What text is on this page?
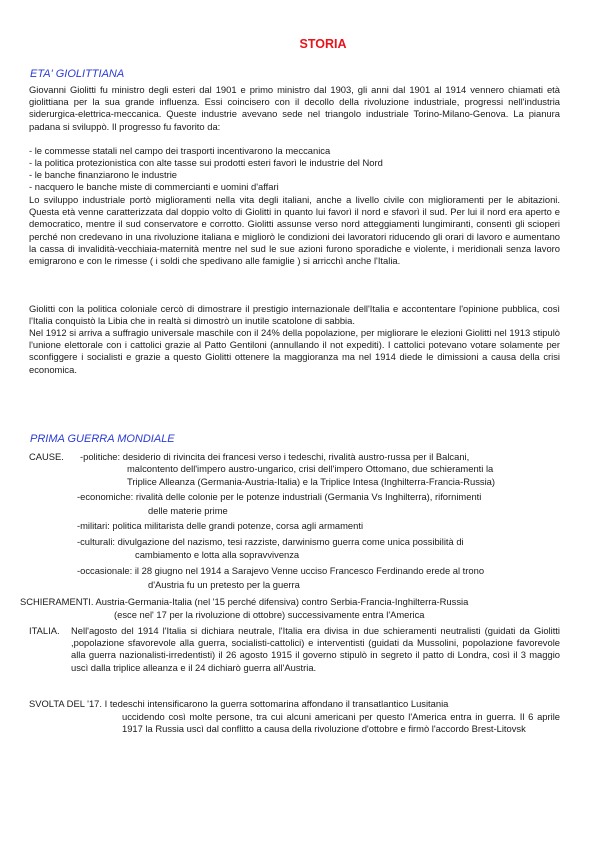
STORIA
ETA' GIOLITTIANA

Giovanni Giolitti fu ministro degli esteri dal 1901 e primo ministro dal 1903, gli anni dal 1901 al 1914 vennero chiamati età giolittiana per la sua grande influenza. Essi coincisero con il decollo della rivoluzione industriale, progressi nell'industria siderurgica-elettrica-meccanica. Queste industrie avevano sede nel triangolo industriale Torino-Milano-Genova. La pianura padana si sviluppò. Il progresso fu favorito da:

- le commesse statali nel campo dei trasporti incentivarono la meccanica
- la politica protezionistica con alte tasse sui prodotti esteri favorì le industrie del Nord
- le banche finanziarono le industrie
- nacquero le banche miste di commercianti e uomini d'affari

Lo sviluppo industriale portò miglioramenti nella vita degli italiani, anche a livello civile con miglioramenti per le abitazioni. Questa età venne caratterizzata dal doppio volto di Giolitti in quanto lui favorì il nord e sfavorì il sud. Per lui il nord era aperto e democratico, mentre il sud conservatore e corrotto. Giolitti assunse verso nord atteggiamenti lungimiranti, consentì gli scioperi perché non credevano in una rivoluzione italiana e migliorò le condizioni dei lavoratori riducendo gli orari di lavoro e aumentano la cassa di invalidità-vecchiaia-maternità mentre nel sud le sue azioni furono sporadiche e violente, i meridionali senza lavoro emigrarono e con le rimesse ( i soldi che spedivano alle famiglie ) si arricchì anche l'Italia.

Giolitti con la politica coloniale cercò di dimostrare il prestigio internazionale dell'Italia e accontentare l'opinione pubblica, così l'Italia conquistò la Libia che in realtà si dimostrò un inutile scatolone di sabbia.

Nel 1912 si arriva a suffragio universale maschile con il 24% della popolazione, per migliorare le elezioni Giolitti nel 1913 stipulò l'unione elettorale con i cattolici grazie al Patto Gentiloni (annullando il not expediti). I cattolici potevano votare solamente per sconfiggere i socialisti e grazie a questo Giolitti ottenere la maggioranza ma nel 1914 diede le dimissioni a causa della crisi economica.

PRIMA GUERRA MONDIALE
CAUSE. -politiche: desiderio di rivincita dei francesi verso i tedeschi, rivalità austro-russa per il Balcani,
malcontento dell'impero austro-ungarico, crisi dell'impero Ottomano, due schieramenti la
Triplice Alleanza (Germania-Austria-Italia) e la Triplice Intesa (Inghilterra-Francia-Russia)
-economiche: rivalità delle colonie per le potenze industriali (Germania Vs Inghilterra), rifornimenti
delle materie prime
-militari: politica militarista delle grandi potenze, corsa agli armamenti
-culturali: divulgazione del nazismo, tesi razziste, darwinismo guerra come unica possibilità di
cambiamento e lotta alla sopravvivenza
-occasionale: il 28 giugno nel 1914 a Sarajevo Venne ucciso Francesco Ferdinando erede al trono
d'Austria fu un pretesto per la guerra
SCHIERAMENTI. Austria-Germania-Italia (nel '15 perché difensiva) contro Serbia-Francia-Inghilterra-Russia
(esce nel' 17 per la rivoluzione di ottobre) successivamente entra l'America
ITALIA. Nell'agosto del 1914 l'Italia si dichiara neutrale, l'Italia era divisa in due schieramenti neutralisti (guidati da Giolitti ,popolazione sfavorevole alla guerra, socialisti-cattolici) e interventisti (guidati da Mussolini, popolazione favorevole alla guerra nazionalisti-irredentisti) il 26 agosto 1915 il governo stipulò in segreto il patto di Londra, così il 3 maggio uscì dalla triplice alleanza e il 24 dichiarò guerra all'Austria.

SVOLTA DEL '17. I tedeschi intensificarono la guerra sottomarina affondano il transatlantico Lusitania

uccidendo così molte persone, tra cui alcuni americani per questo l'America entra in guerra. Il 6 aprile 1917 la Russia uscì dal conflitto a causa della rivoluzione d'ottobre e firmò l'accordo Brest-Litovsk
